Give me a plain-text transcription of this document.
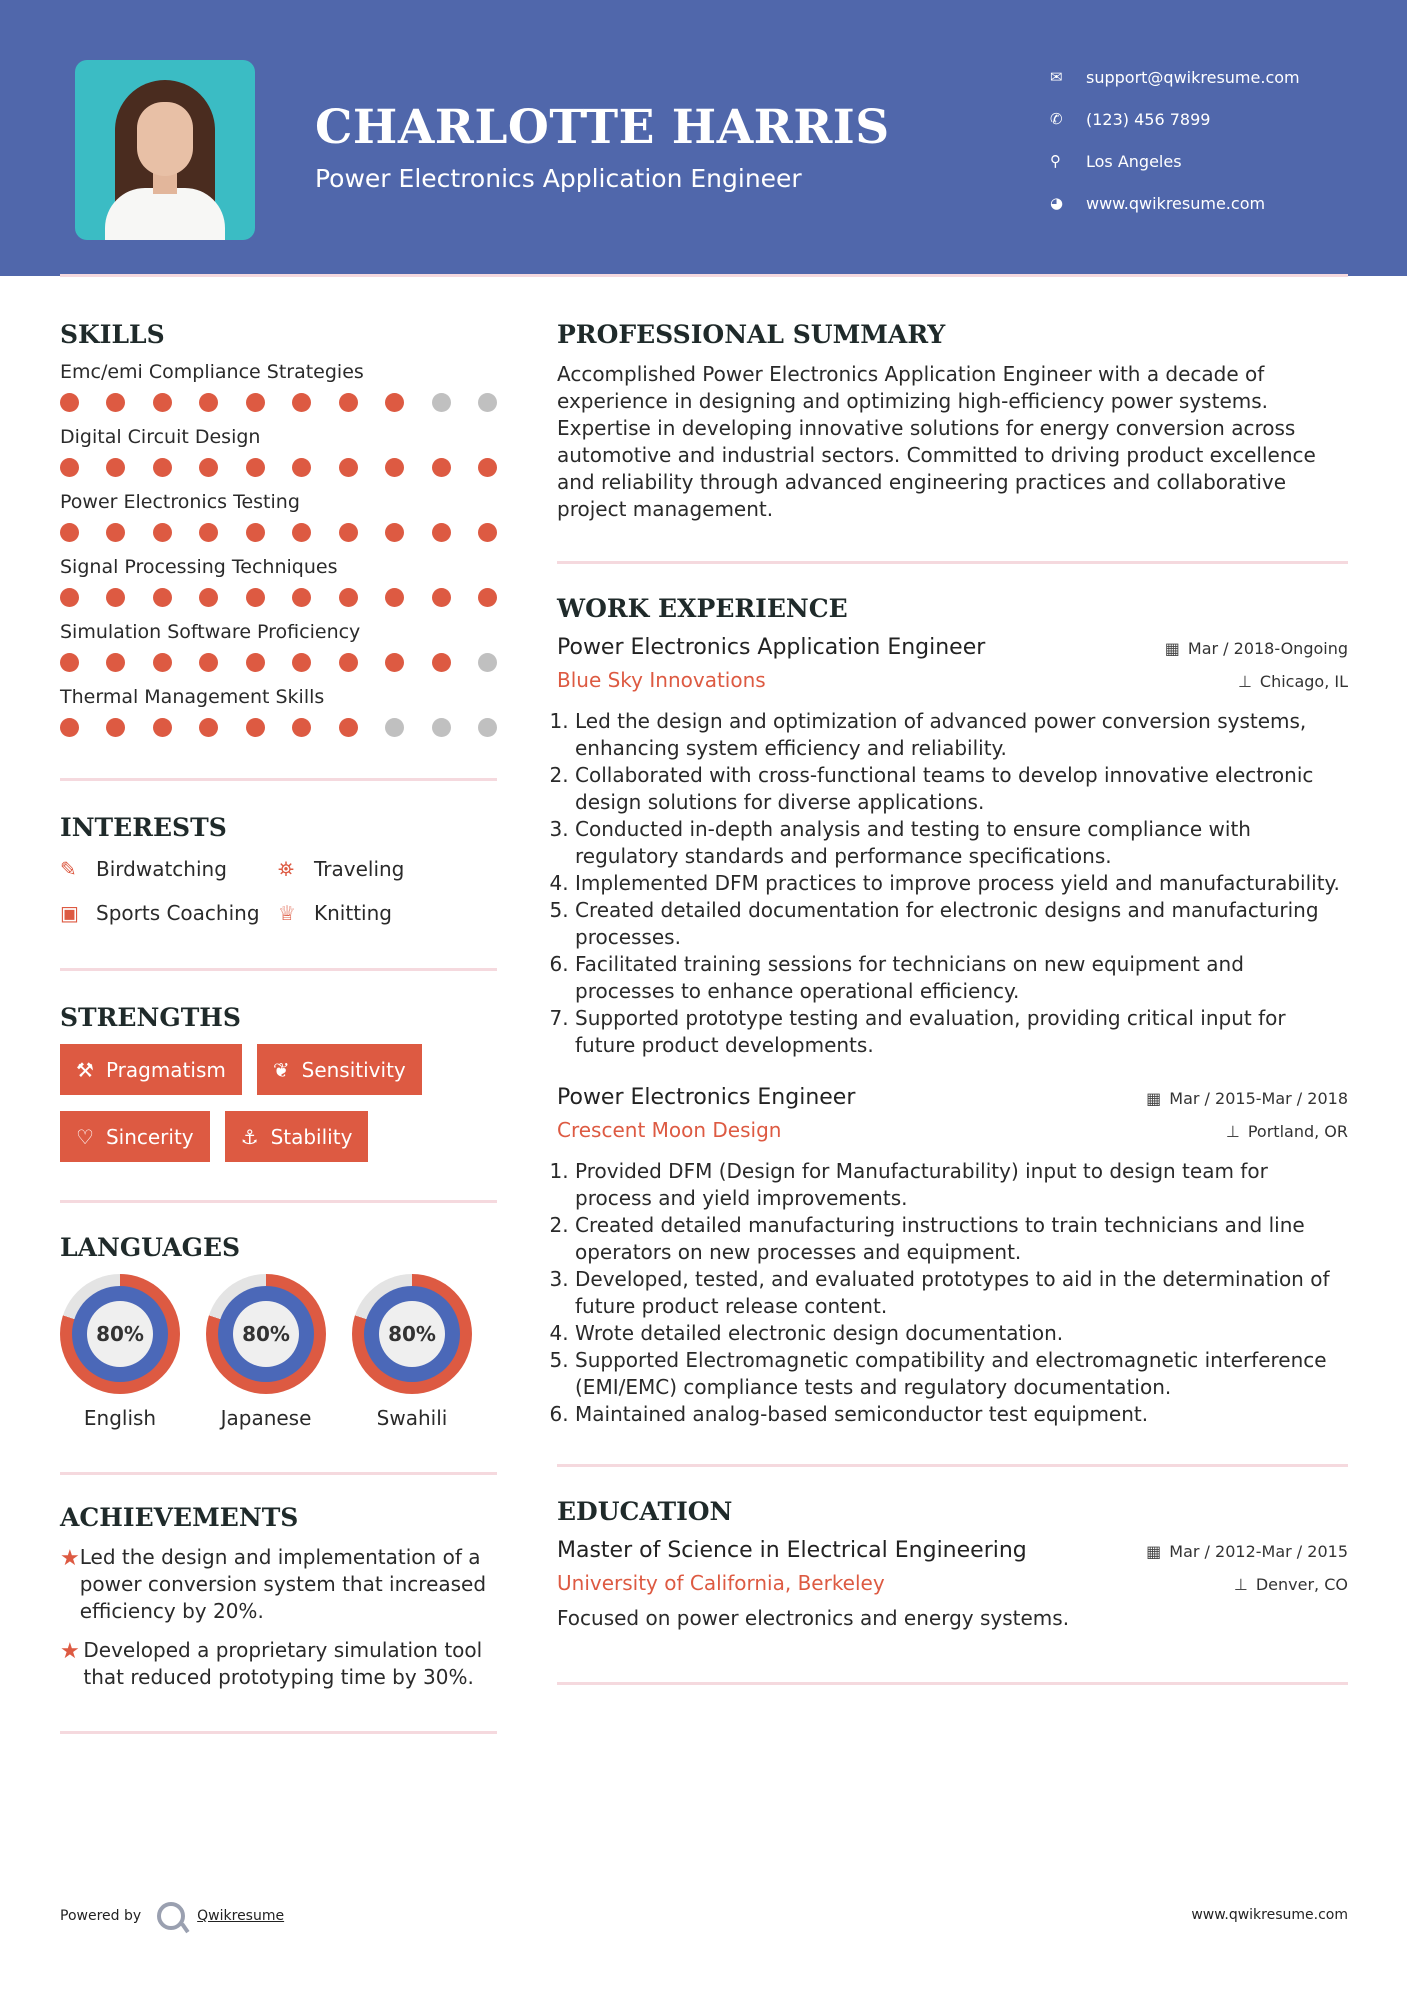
CHARLOTTE HARRIS
Power Electronics Application Engineer
✉	support@qwikresume.com
✆	(123) 456 7899
⚲	Los Angeles
◕	www.qwikresume.com
SKILLS
Emc/emi Compliance Strategies
Digital Circuit Design
Power Electronics Testing
Signal Processing Techniques
Simulation Software Proficiency
Thermal Management Skills
INTERESTS
✎ Birdwatching	⛯	Traveling
▣ Sports Coaching ♕ Knitting
STRENGTHS
⚒ Pragmatism ❦ Sensitivity
♡ Sincerity ⚓ Stability
LANGUAGES
80%
English
80%
Japanese
80%
Swahili
ACHIEVEMENTS
★ Led the design and implementation of a power conversion system that increased efficiency by 20%.
★ Developed a proprietary simulation tool that reduced prototyping time by 30%.
PROFESSIONAL SUMMARY

Accomplished Power Electronics Application Engineer with a decade of experience in designing and optimizing high-efficiency power systems. Expertise in developing innovative solutions for energy conversion across automotive and industrial sectors. Committed to driving product excellence and reliability through advanced engineering practices and collaborative project management.

WORK EXPERIENCE
Power Electronics Application Engineer	▦ Mar / 2018-Ongoing
Blue Sky Innovations	⊥ Chicago, IL
1. Led the design and optimization of advanced power conversion systems, enhancing system efficiency and reliability.
2. Collaborated with cross-functional teams to develop innovative electronic design solutions for diverse applications.
3. Conducted in-depth analysis and testing to ensure compliance with regulatory standards and performance specifications.
4. Implemented DFM practices to improve process yield and manufacturability.
5. Created detailed documentation for electronic designs and manufacturing processes.
6. Facilitated training sessions for technicians on new equipment and processes to enhance operational efficiency.
7. Supported prototype testing and evaluation, providing critical input for future product developments.
Power Electronics Engineer	▦ Mar / 2015-Mar / 2018
Crescent Moon Design	⊥ Portland, OR
1. Provided DFM (Design for Manufacturability) input to design team for process and yield improvements.
2. Created detailed manufacturing instructions to train technicians and line operators on new processes and equipment.
3. Developed, tested, and evaluated prototypes to aid in the determination of future product release content.
4. Wrote detailed electronic design documentation.
5. Supported Electromagnetic compatibility and electromagnetic interference (EMI/EMC) compliance tests and regulatory documentation.
6. Maintained analog-based semiconductor test equipment.
EDUCATION
Master of Science in Electrical Engineering	▦ Mar / 2012-Mar / 2015
University of California, Berkeley	⊥ Denver, CO

Focused on power electronics and energy systems.

Powered by	Qwikresume	www.qwikresume.com
